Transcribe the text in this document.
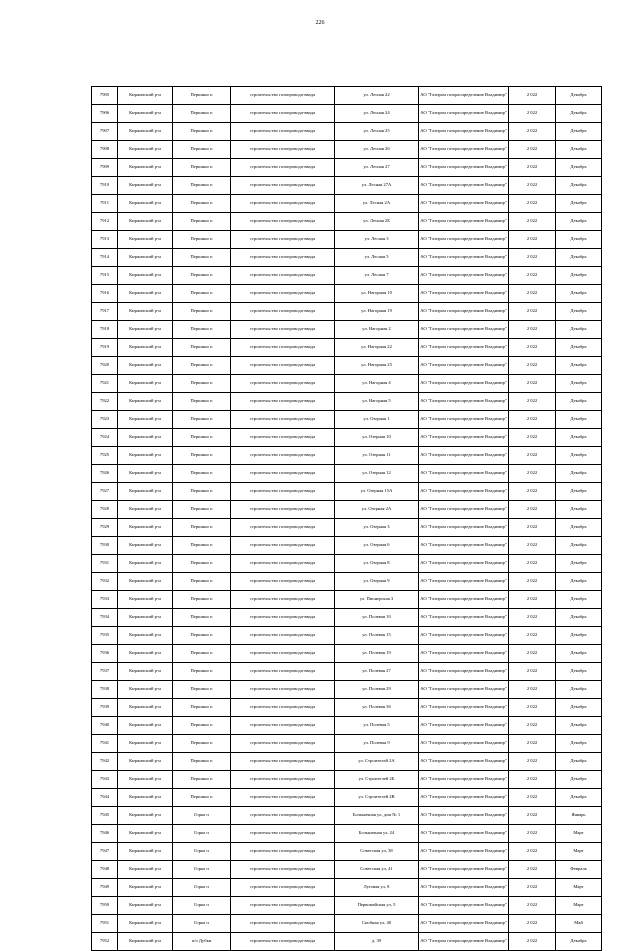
226
7905	Киржачский р-н	Першино п	строительство газопровода-ввода	ул. Лесная 22	АО "Газпром газораспределение Владимир"	2 022	Декабрь
7906	Киржачский р-н	Першино п	строительство газопровода-ввода	ул. Лесная 24	АО "Газпром газораспределение Владимир"	2 022	Декабрь
7907	Киржачский р-н	Першино п	строительство газопровода-ввода	ул. Лесная 25	АО "Газпром газораспределение Владимир"	2 022	Декабрь
7908	Киржачский р-н	Першино п	строительство газопровода-ввода	ул. Лесная 26	АО "Газпром газораспределение Владимир"	2 022	Декабрь
7909	Киржачский р-н	Першино п	строительство газопровода-ввода	ул. Лесная 27	АО "Газпром газораспределение Владимир"	2 022	Декабрь
7910	Киржачский р-н	Першино п	строительство газопровода-ввода	ул. Лесная 27А	АО "Газпром газораспределение Владимир"	2 022	Декабрь
7911	Киржачский р-н	Першино п	строительство газопровода-ввода	ул. Лесная 2А	АО "Газпром газораспределение Владимир"	2 022	Декабрь
7912	Киржачский р-н	Першино п	строительство газопровода-ввода	ул. Лесная 2Б	АО "Газпром газораспределение Владимир"	2 022	Декабрь
7913	Киржачский р-н	Першино п	строительство газопровода-ввода	ул. Лесная 3	АО "Газпром газораспределение Владимир"	2 022	Декабрь
7914	Киржачский р-н	Першино п	строительство газопровода-ввода	ул. Лесная 5	АО "Газпром газораспределение Владимир"	2 022	Декабрь
7915	Киржачский р-н	Першино п	строительство газопровода-ввода	ул. Лесная 7	АО "Газпром газораспределение Владимир"	2 022	Декабрь
7916	Киржачский р-н	Першино п	строительство газопровода-ввода	ул. Нагорная 10	АО "Газпром газораспределение Владимир"	2 022	Декабрь
7917	Киржачский р-н	Першино п	строительство газопровода-ввода	ул. Нагорная 19	АО "Газпром газораспределение Владимир"	2 022	Декабрь
7918	Киржачский р-н	Першино п	строительство газопровода-ввода	ул. Нагорная 2	АО "Газпром газораспределение Владимир"	2 022	Декабрь
7919	Киржачский р-н	Першино п	строительство газопровода-ввода	ул. Нагорная 22	АО "Газпром газораспределение Владимир"	2 022	Декабрь
7920	Киржачский р-н	Першино п	строительство газопровода-ввода	ул. Нагорная 25	АО "Газпром газораспределение Владимир"	2 022	Декабрь
7921	Киржачский р-н	Першино п	строительство газопровода-ввода	ул. Нагорная 4	АО "Газпром газораспределение Владимир"	2 022	Декабрь
7922	Киржачский р-н	Першино п	строительство газопровода-ввода	ул. Нагорная 5	АО "Газпром газораспределение Владимир"	2 022	Декабрь
7923	Киржачский р-н	Першино п	строительство газопровода-ввода	ул. Озерная 1	АО "Газпром газораспределение Владимир"	2 022	Декабрь
7924	Киржачский р-н	Першино п	строительство газопровода-ввода	ул. Озерная 10	АО "Газпром газораспределение Владимир"	2 022	Декабрь
7925	Киржачский р-н	Першино п	строительство газопровода-ввода	ул. Озерная 11	АО "Газпром газораспределение Владимир"	2 022	Декабрь
7926	Киржачский р-н	Першино п	строительство газопровода-ввода	ул. Озерная 12	АО "Газпром газораспределение Владимир"	2 022	Декабрь
7927	Киржачский р-н	Першино п	строительство газопровода-ввода	ул. Озерная 15А	АО "Газпром газораспределение Владимир"	2 022	Декабрь
7928	Киржачский р-н	Першино п	строительство газопровода-ввода	ул. Озерная 2А	АО "Газпром газораспределение Владимир"	2 022	Декабрь
7929	Киржачский р-н	Першино п	строительство газопровода-ввода	ул. Озерная 3	АО "Газпром газораспределение Владимир"	2 022	Декабрь
7930	Киржачский р-н	Першино п	строительство газопровода-ввода	ул. Озерная 6	АО "Газпром газораспределение Владимир"	2 022	Декабрь
7931	Киржачский р-н	Першино п	строительство газопровода-ввода	ул. Озерная 8	АО "Газпром газораспределение Владимир"	2 022	Декабрь
7932	Киржачский р-н	Першино п	строительство газопровода-ввода	ул. Озерная 9	АО "Газпром газораспределение Владимир"	2 022	Декабрь
7933	Киржачский р-н	Першино п	строительство газопровода-ввода	ул. Пионерская 3	АО "Газпром газораспределение Владимир"	2 022	Декабрь
7934	Киржачский р-н	Першино п	строительство газопровода-ввода	ул. Полевая 10	АО "Газпром газораспределение Владимир"	2 022	Декабрь
7935	Киржачский р-н	Першино п	строительство газопровода-ввода	ул. Полевая 15	АО "Газпром газораспределение Владимир"	2 022	Декабрь
7936	Киржачский р-н	Першино п	строительство газопровода-ввода	ул. Полевая 19	АО "Газпром газораспределение Владимир"	2 022	Декабрь
7937	Киржачский р-н	Першино п	строительство газопровода-ввода	ул. Полевая 27	АО "Газпром газораспределение Владимир"	2 022	Декабрь
7938	Киржачский р-н	Першино п	строительство газопровода-ввода	ул. Полевая 29	АО "Газпром газораспределение Владимир"	2 022	Декабрь
7939	Киржачский р-н	Першино п	строительство газопровода-ввода	ул. Полевая 36	АО "Газпром газораспределение Владимир"	2 022	Декабрь
7940	Киржачский р-н	Першино п	строительство газопровода-ввода	ул. Полевая 5	АО "Газпром газораспределение Владимир"	2 022	Декабрь
7941	Киржачский р-н	Першино п	строительство газопровода-ввода	ул. Полевая 9	АО "Газпром газораспределение Владимир"	2 022	Декабрь
7942	Киржачский р-н	Першино п	строительство газопровода-ввода	ул. Строителей 2А	АО "Газпром газораспределение Владимир"	2 022	Декабрь
7943	Киржачский р-н	Першино п	строительство газопровода-ввода	ул. Строителей 2Б	АО "Газпром газораспределение Владимир"	2 022	Декабрь
7944	Киржачский р-н	Першино п	строительство газопровода-ввода	ул. Строителей 2В	АО "Газпром газораспределение Владимир"	2 022	Декабрь
7945	Киржачский р-н	Горка п	строительство газопровода-ввода	Больничная ул, дом № 1	АО "Газпром газораспределение Владимир"	2 022	Январь
7946	Киржачский р-н	Горка п	строительство газопровода-ввода	Больничная ул, 24	АО "Газпром газораспределение Владимир"	2 022	Март
7947	Киржачский р-н	Горка п	строительство газопровода-ввода	Советская ул, 38	АО "Газпром газораспределение Владимир"	2 022	Март
7948	Киржачский р-н	Горка п	строительство газопровода-ввода	Советская ул, 41	АО "Газпром газораспределение Владимир"	2 022	Февраль
7949	Киржачский р-н	Горка п	строительство газопровода-ввода	Луговая ул, 8	АО "Газпром газораспределение Владимир"	2 022	Март
7950	Киржачский р-н	Горка п	строительство газопровода-ввода	Первомайская ул, 5	АО "Газпром газораспределение Владимир"	2 022	Март
7951	Киржачский р-н	Горка п	строительство газопровода-ввода	Сиобная ул, 40	АО "Газпром газораспределение Владимир"	2 022	Май
7952	Киржачский р-н	п/о Дубки	строительство газопровода-ввода	д. 39	АО "Газпром газораспределение Владимир"	2 022	Декабрь
